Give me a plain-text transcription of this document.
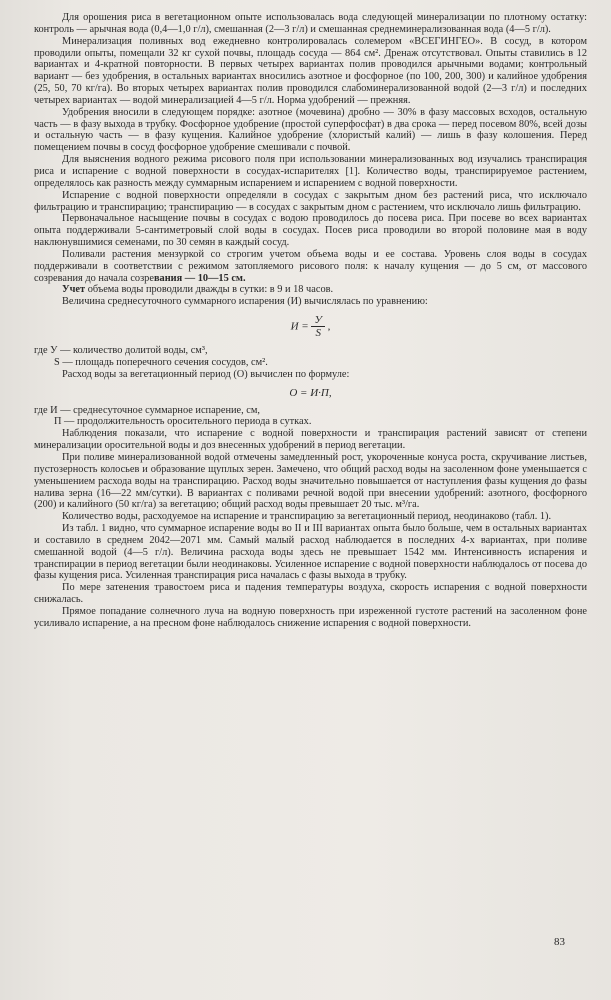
Для орошения риса в вегетационном опыте использовалась вода следующей минерализации по плотному остатку: контроль — арычная вода (0,4—1,0 г/л), смешанная (2—3 г/л) и смешанная среднеминерализованная вода (4—5 г/л).

Минерализация поливных вод ежедневно контролировалась солемером «ВСЕГИНГЕО». В сосуд, в котором проводили опыты, помещали 32 кг сухой почвы, площадь сосуда — 864 см². Дренаж отсутствовал. Опыты ставились в 12 вариантах и 4-кратной повторности. В первых четырех вариантах полив проводился арычными водами; контрольный вариант — без удобрения, в остальных вариантах вносились азотное и фосфорное (по 100, 200, 300) и калийное удобрения (25, 50, 70 кг/га). Во вторых четырех вариантах полив проводился слабоминерализованной водой (2—3 г/л) и последних четырех вариантах — водой минерализацией 4—5 г/л. Норма удобрений — прежняя.

Удобрения вносили в следующем порядке: азотное (мочевина) дробно — 30% в фазу массовых всходов, остальную часть — в фазу выхода в трубку. Фосфорное удобрение (простой суперфосфат) в два срока — перед посевом 80%, всей дозы и остальную часть — в фазу кущения. Калийное удобрение (хлористый калий) — лишь в фазу колошения. Перед помещением почвы в сосуд фосфорное удобрение смешивали с почвой.

Для выяснения водного режима рисового поля при использовании минерализованных вод изучались транспирация риса и испарение с водной поверхности в сосудах-испарителях [1]. Количество воды, транспирируемое растением, определялось как разность между суммарным испарением и испарением с водной поверхности.

Испарение с водной поверхности определяли в сосудах с закрытым дном без растений риса, что исключало фильтрацию и транспирацию; транспирацию — в сосудах с закрытым дном с растением, что исключало лишь фильтрацию.

Первоначальное насыщение почвы в сосудах с водою проводилось до посева риса. При посеве во всех вариантах опыта поддерживали 5-сантиметровый слой воды в сосудах. Посев риса проводили во второй половине мая в воду наклюнувшимися семенами, по 30 семян в каждый сосуд.

Поливали растения мензуркой со строгим учетом объема воды и ее состава. Уровень слоя воды в сосудах поддерживали в соответствии с режимом затопляемого рисового поля: к началу кущения — до 5 см, от массового созревания до начала созревания — 10—15 см.

Учет объема воды проводили дважды в сутки: в 9 и 18 часов.

Величина среднесуточного суммарного испарения (И) вычислялась по уравнению:

$И = \frac{У}{S}$ ,

где У — количество долитой воды, см³,

S — площадь поперечного сечения сосудов, см².

Расход воды за вегетационный период (О) вычислен по формуле:

О = И·П,

где И — среднесуточное суммарное испарение, см,

П — продолжительность оросительного периода в сутках.

Наблюдения показали, что испарение с водной поверхности и транспирация растений зависят от степени минерализации оросительной воды и доз внесенных удобрений в период вегетации.

При поливе минерализованной водой отмечены замедленный рост, укороченные конуса роста, скручивание листьев, пустозерность колосьев и образование щуплых зерен. Замечено, что общий расход воды на засоленном фоне уменьшается с уменьшением расхода воды на транспирацию. Расход воды значительно повышается от наступления фазы кущения до фазы налива зерна (16—22 мм/сутки). В вариантах с поливами речной водой при внесении удобрений: азотного, фосфорного (200) и калийного (50 кг/га) за вегетацию; общий расход воды превышает 20 тыс. м³/га.

Количество воды, расходуемое на испарение и транспирацию за вегетационный период, неодинаково (табл. 1).

Из табл. 1 видно, что суммарное испарение воды во II и III вариантах опыта было больше, чем в остальных вариантах и составило в среднем 2042—2071 мм. Самый малый расход наблюдается в последних 4-х вариантах, при поливе смешанной водой (4—5 г/л). Величина расхода воды здесь не превышает 1542 мм. Интенсивность испарения и транспирации в период вегетации были неодинаковы. Усиленное испарение с водной поверхности наблюдалось от посева до фазы кущения риса. Усиленная транспирация риса началась с фазы выхода в трубку.

По мере затенения травостоем риса и падения температуры воздуха, скорость испарения с водной поверхности снижалась.

Прямое попадание солнечного луча на водную поверхность при изреженной густоте растений на засоленном фоне усиливало испарение, а на пресном фоне наблюдалось снижение испарения с водной поверхности.

83
